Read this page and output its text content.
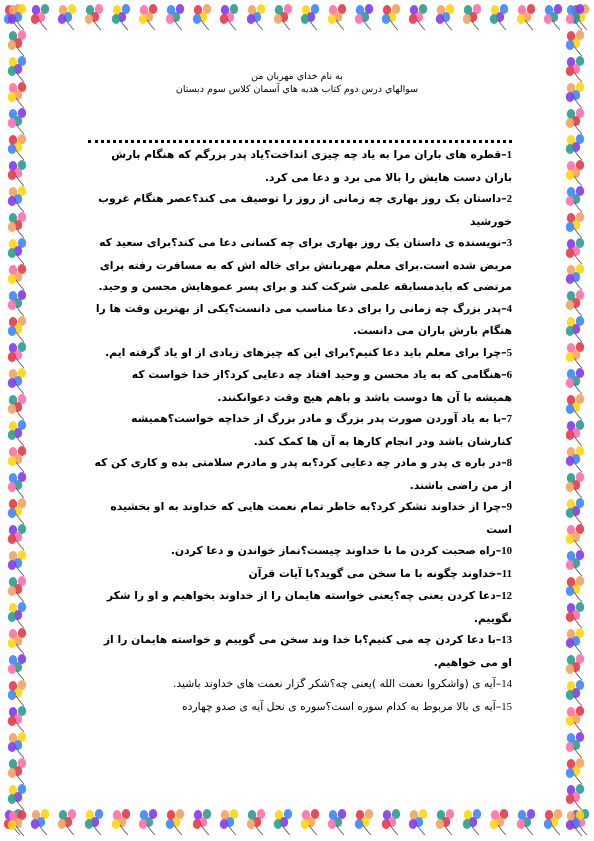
به نام خداي مهربان من
سوالهاي درس دوم كتاب هديه هاي آسمان كلاس سوم دبستان

1–قطره های باران مرا به یاد چه چیزی انداخت؟یاد پدر بزرگم که هنگام بارش باران دست هایش را بالا می برد و دعا می کرد.

2–داستان یک روز بهاری چه زمانی از روز را توصیف می کند؟عصر هنگام غروب خورشید

3–نویسنده ی داستان یک روز بهاری برای چه کسانی دعا می کند؟برای سعید که مریض شده است.برای معلم مهربانش برای خاله اش که به مسافرت رفته برای مرتضی که بایدمسابقه علمی شرکت کند و برای پسر عموهایش محسن و وحید.

4–پدر بزرگ چه زمانی را برای دعا مناسب می دانست؟یکی از بهترین وقت ها را هنگام بارش باران می دانست.

5–چرا برای معلم باید دعا کنیم؟برای این که چیزهای زیادی از او یاد گرفته ایم.

6–هنگامی که به یاد محسن و وحید افتاد چه دعایی کرد؟از خدا خواست که همیشه با آن ها دوست باشد و باهم هیچ وقت دعوانکنند.

7–با به یاد آوردن صورت پدر بزرگ و مادر بزرگ از خداچه خواست؟همیشه کنارشان باشد ودر انجام کارها به آن ها کمک کند.

8–در باره ی پدر و مادر چه دعایی کرد؟به پدر و مادرم سلامتی بده و کاری کن که از من راضی باشند.

9–چرا از خداوند تشکر کرد؟به خاطر تمام نعمت هایی که خداوند به او بخشیده است

10–راه صحبت کردن ما با خداوند چیست؟نماز خواندن و دعا کردن.

11–خداوند چگونه با ما سخن می گوید؟با آیات قرآن

12–دعا کردن یعنی چه؟یعنی خواسته هایمان را از خداوند بخواهیم و او را شکر نگوییم.

13–با دعا کردن چه می کنیم؟با خدا وند سخن می گوییم و خواسته هایمان را از او می خواهیم.

14–آیه ی (واشکروا نعمت الله )یعنی چه؟شکر گزار نعمت های خداوند باشید.

15–آیه ی بالا مربوط به کدام سوره است؟سوره ی نحل آیه ی صدو چهارده
